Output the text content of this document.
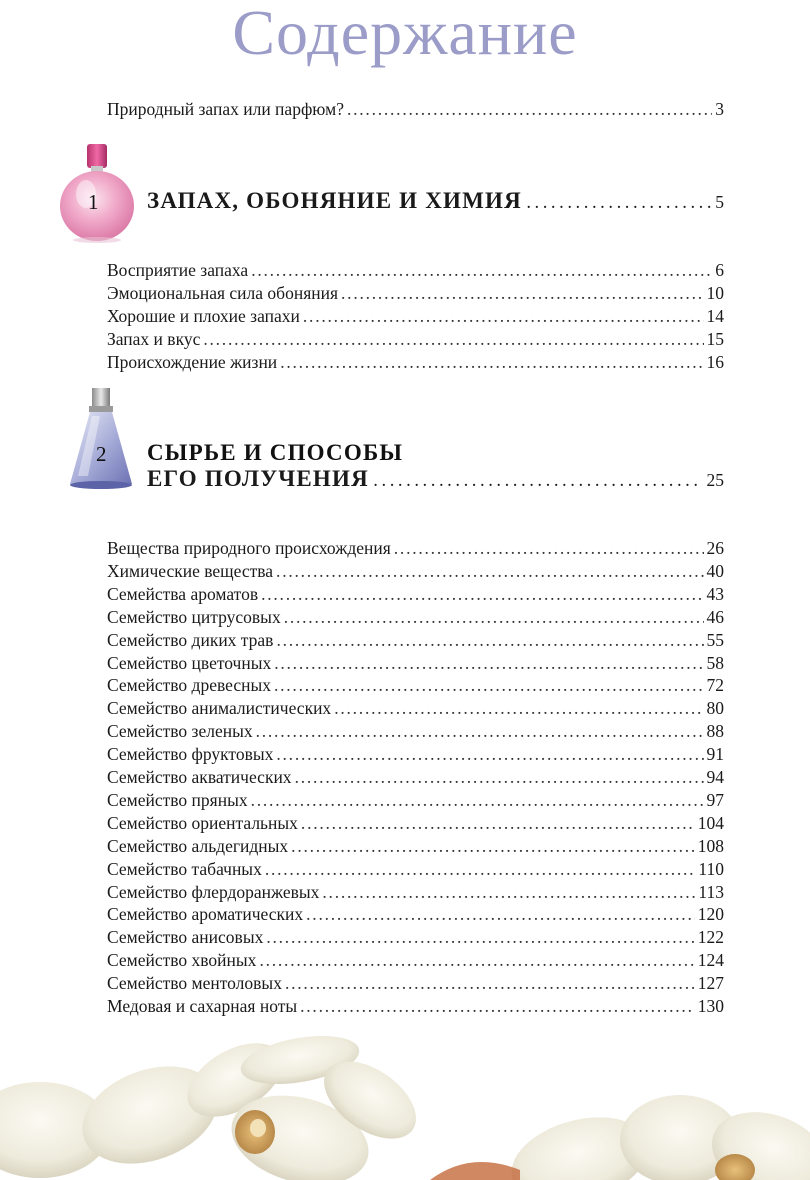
Содержание
Природный запах или парфюм? . . .	3
1 ЗАПАХ, ОБОНЯНИЕ И ХИМИЯ . . .	5
Восприятие запаха . . .	6
Эмоциональная сила обоняния . . .	10
Хорошие и плохие запахи . . .	14
Запах и вкус . . .	15
Происхождение жизни . . .	16
2 СЫРЬЕ И СПОСОБЫ
ЕГО ПОЛУЧЕНИЯ . . .	25
Вещества природного происхождения . . .	26
Химические вещества . . .	40
Семейства ароматов . . .	43
Семейство цитрусовых . . .	46
Семейство диких трав . . .	55
Семейство цветочных . . .	58
Семейство древесных . . .	72
Семейство анималистических . . .	80
Семейство зеленых . . .	88
Семейство фруктовых . . .	91
Семейство акватических . . .	94
Семейство пряных . . .	97
Семейство ориентальных . . .	104
Семейство альдегидных . . .	108
Семейство табачных . . .	110
Семейство флердоранжевых . . .	113
Семейство ароматических . . .	120
Семейство анисовых . . .	122
Семейство хвойных . . .	124
Семейство ментоловых . . .	127
Медовая и сахарная ноты . . .	130
